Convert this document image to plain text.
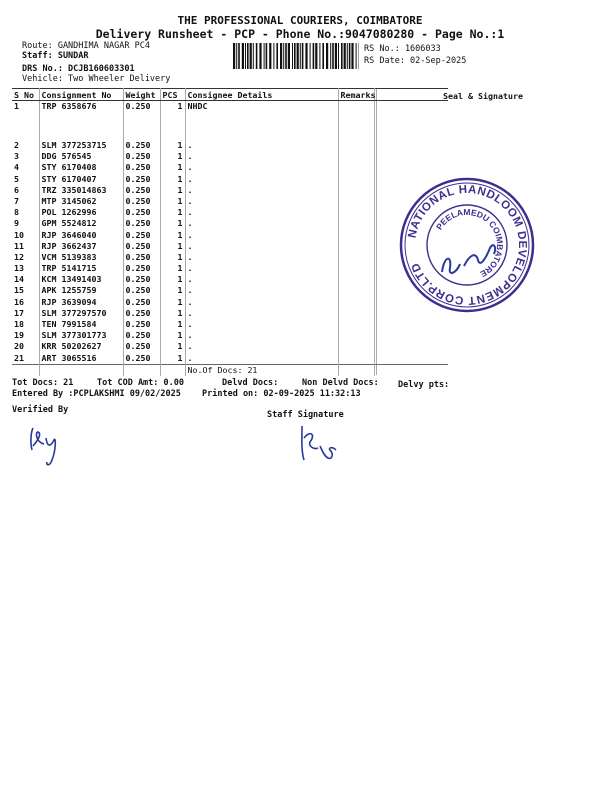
THE PROFESSIONAL COURIERS, COIMBATORE
Delivery Runsheet - PCP - Phone No.:9047080280 - Page No.:1
Route: GANDHIMA NAGAR PC4
Staff: SUNDAR
DRS No.: DCJB160603301
Vehicle: Two Wheeler Delivery
RS No.: 1606033
RS Date: 02-Sep-2025
S No	Consignment No	Weight	PCS	Consignee Details	Remarks	
1	TRP 6358676	0.250	1	NHDC		
2	SLM 377253715	0.250	1	.		
3	DDG 576545	0.250	1	.		
4	STY 6170408	0.250	1	.		
5	STY 6170407	0.250	1	.		
6	TRZ 335014863	0.250	1	.		
7	MTP 3145062	0.250	1	.		
8	POL 1262996	0.250	1	.		
9	GPM 5524812	0.250	1	.		
10	RJP 3646040	0.250	1	.		
11	RJP 3662437	0.250	1	.		
12	VCM 5139383	0.250	1	.		
13	TRP 5141715	0.250	1	.		
14	KCM 13491403	0.250	1	.		
15	APK 1255759	0.250	1	.		
16	RJP 3639094	0.250	1	.		
17	SLM 377297570	0.250	1	.		
18	TEN 7991584	0.250	1	.		
19	SLM 377301773	0.250	1	.		
20	KRR 50202627	0.250	1	.		
21	ART 3065516	0.250	1	.		
				No.Of Docs: 21		
Seal & Signature
NATIONAL HANDLOOM DEVELOPMENT CORP.LTD
PEELAMEDU COIMBATORE
Tot Docs: 21	Tot COD Amt: 0.00	Delvd Docs:	Non Delvd Docs: Delvy pts:
Entered By :PCPLAKSHMI 09/02/2025 Printed on: 02-09-2025 11:32:13
Verified By	Staff Signature
